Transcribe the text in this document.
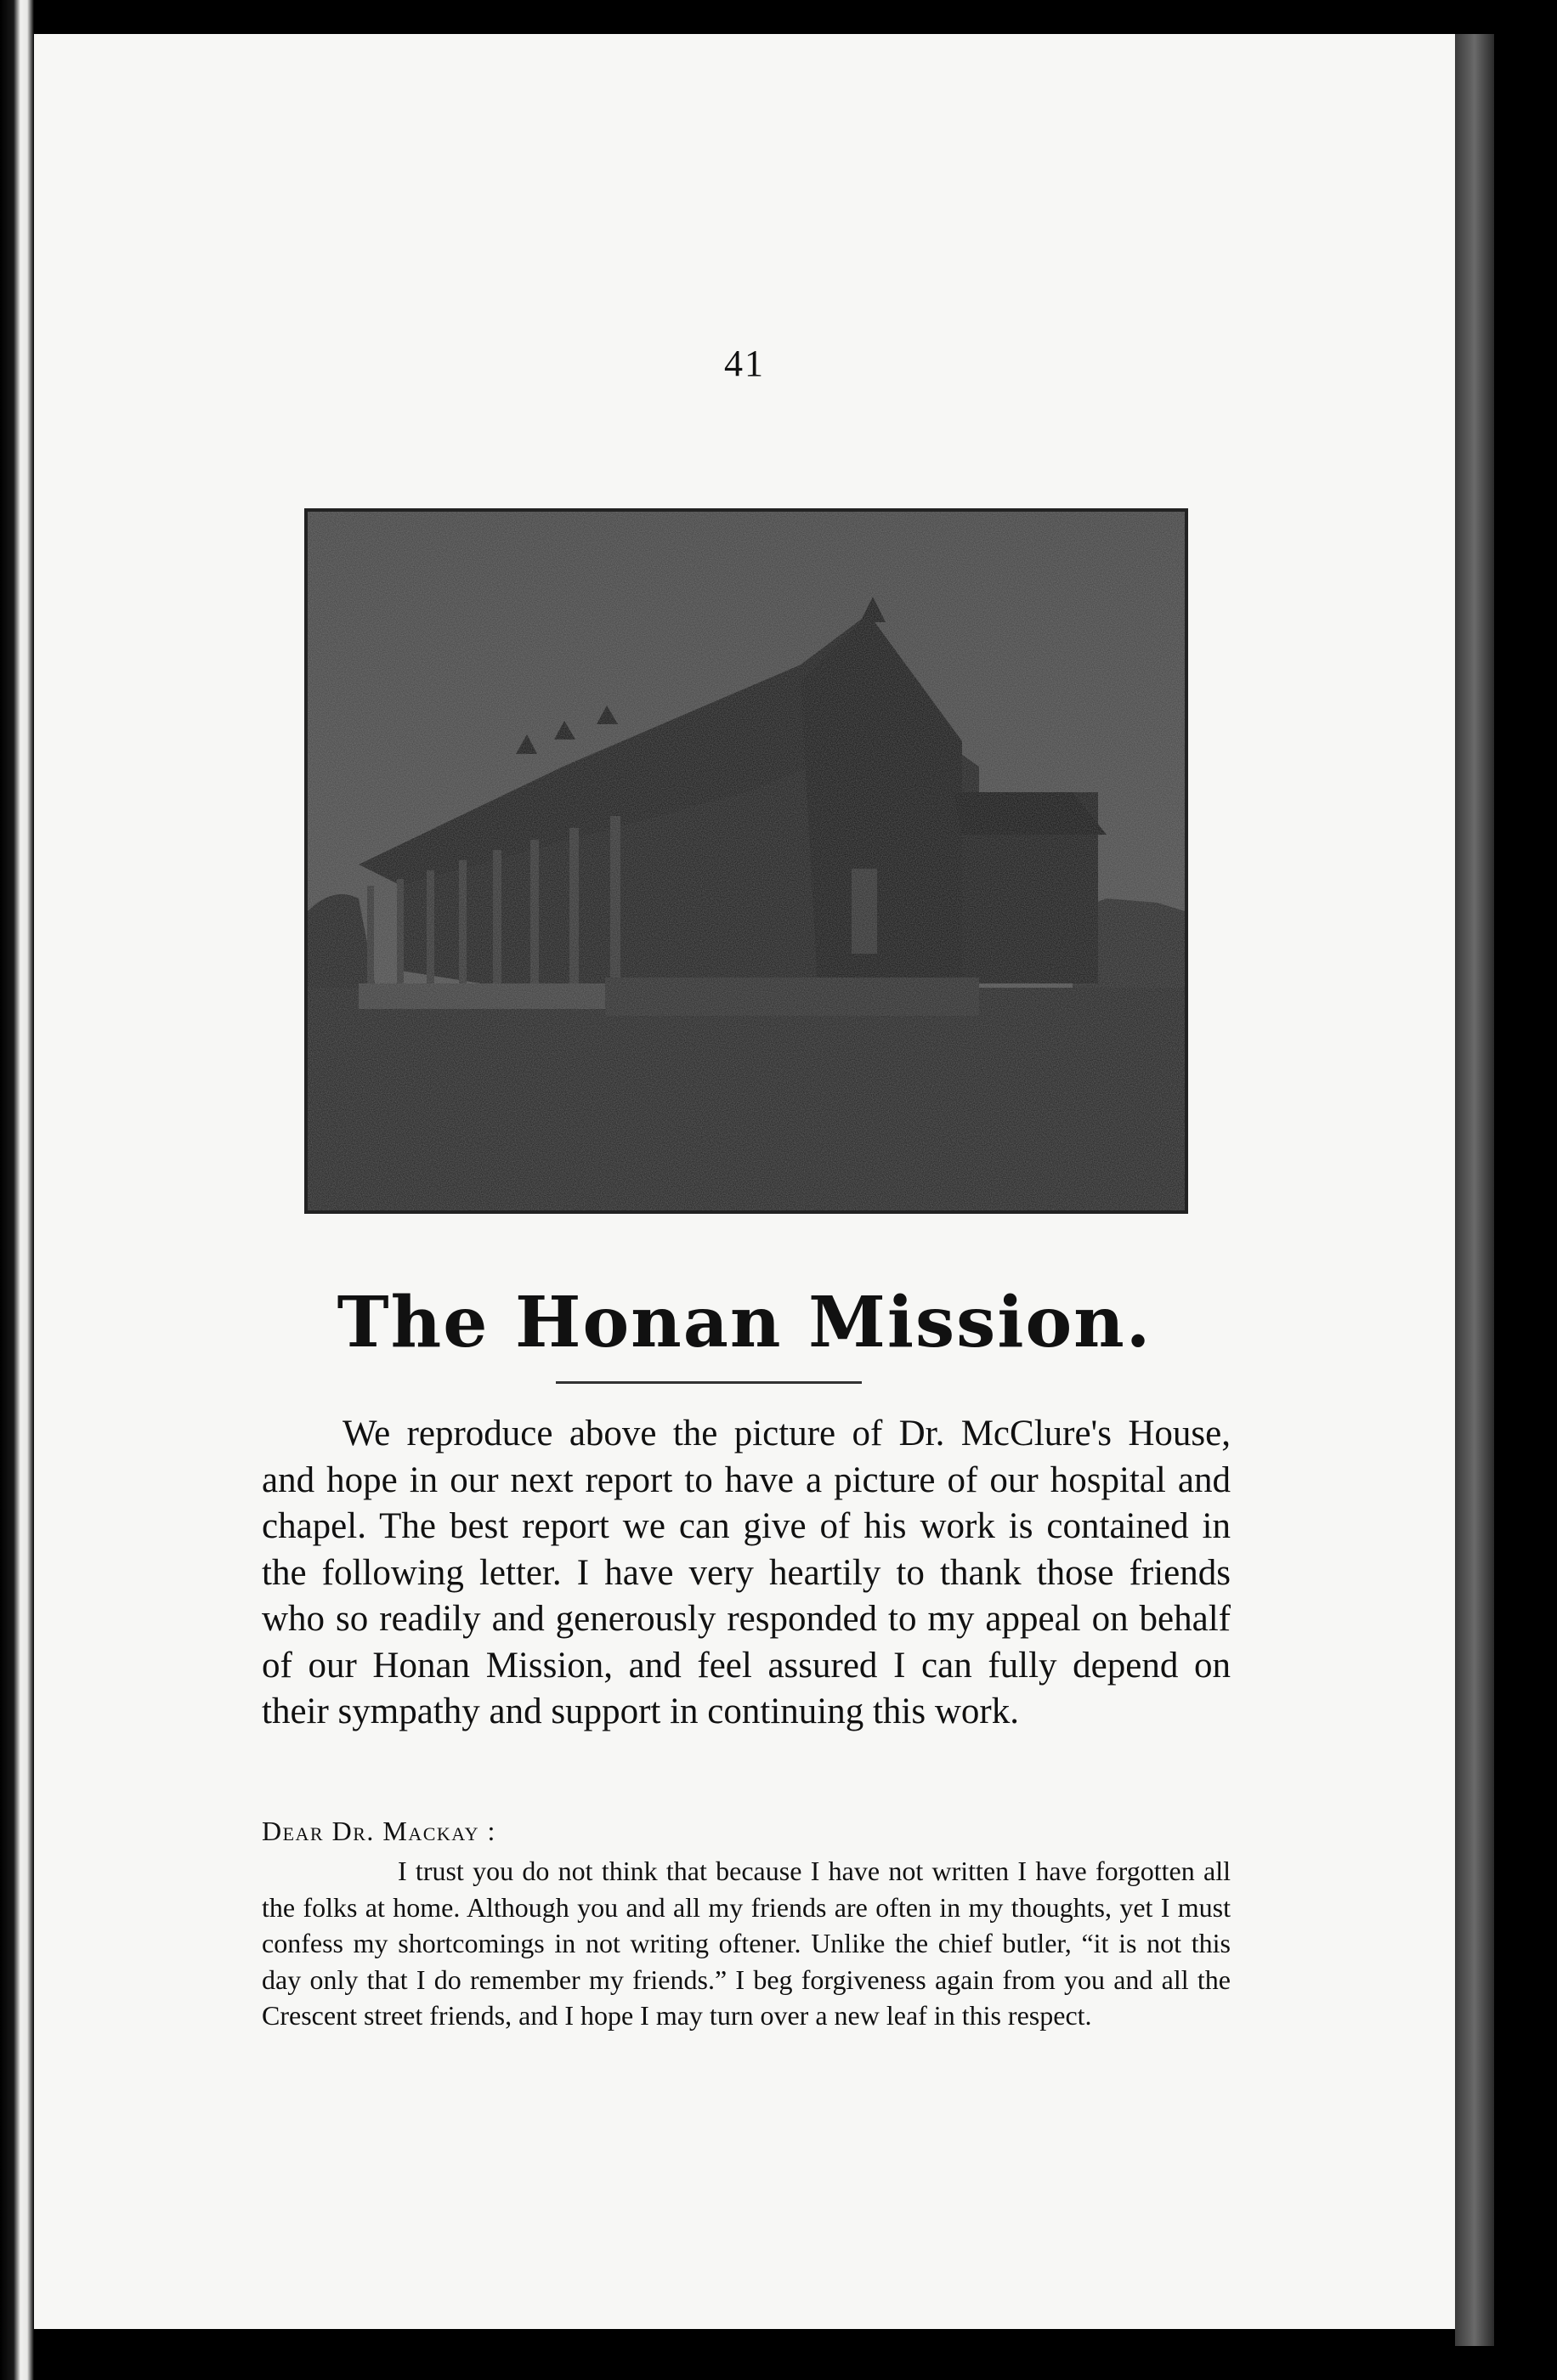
41
The Honan Mission.

We reproduce above the picture of Dr. McClure's House, and hope in our next report to have a picture of our hospital and chapel. The best report we can give of his work is contained in the following letter. I have very heartily to thank those friends who so readily and generously responded to my appeal on behalf of our Honan Mission, and feel assured I can fully depend on their sympathy and support in continuing this work.

Dear Dr. Mackay :

I trust you do not think that because I have not written I have forgotten all the folks at home. Although you and all my friends are often in my thoughts, yet I must confess my shortcomings in not writing oftener. Unlike the chief butler, “it is not this day only that I do remember my friends.” I beg forgiveness again from you and all the Crescent street friends, and I hope I may turn over a new leaf in this respect.
